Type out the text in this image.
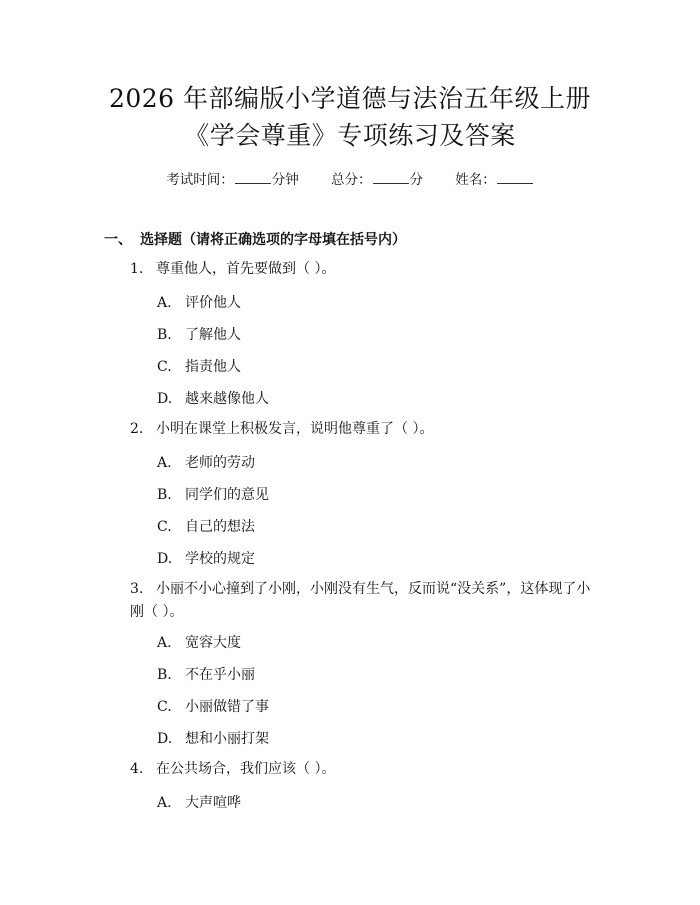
2026 年部编版小学道德与法治五年级上册
《学会尊重》专项练习及答案
考试时间：	分钟 总分：	分 姓名：
一、 选择题（请将正确选项的字母填在括号内）
1. 尊重他人，首先要做到（ ）。
A. 评价他人
B. 了解他人
C. 指责他人
D. 越来越像他人
2. 小明在课堂上积极发言，说明他尊重了（ ）。
A. 老师的劳动
B. 同学们的意见
C. 自己的想法
D. 学校的规定
3. 小丽不小心撞到了小刚，小刚没有生气，反而说“没关系”，这体现了小刚（ ）。
A. 宽容大度
B. 不在乎小丽
C. 小丽做错了事
D. 想和小丽打架
4. 在公共场合，我们应该（ ）。
A. 大声喧哗
